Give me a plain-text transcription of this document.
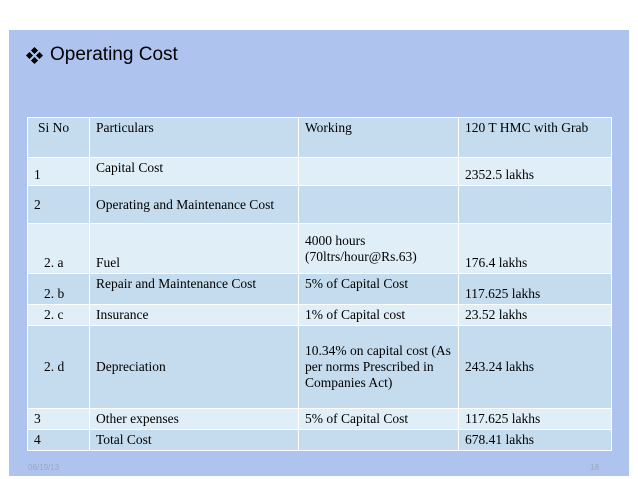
Operating Cost
Si No	Particulars	Working	120 T HMC with Grab
1	Capital Cost		2352.5 lakhs
2	Operating and Maintenance Cost		
2. a	Fuel	4000 hours (70ltrs/hour@Rs.63)	176.4 lakhs
2. b	Repair and Maintenance Cost	5% of Capital Cost	117.625 lakhs
2. c	Insurance	1% of Capital cost	23.52 lakhs
2. d	Depreciation	10.34% on capital cost (As per norms Prescribed in Companies Act)	243.24 lakhs
3	Other expenses	5% of Capital Cost	117.625 lakhs
4	Total Cost		678.41 lakhs
06/19/13	18
